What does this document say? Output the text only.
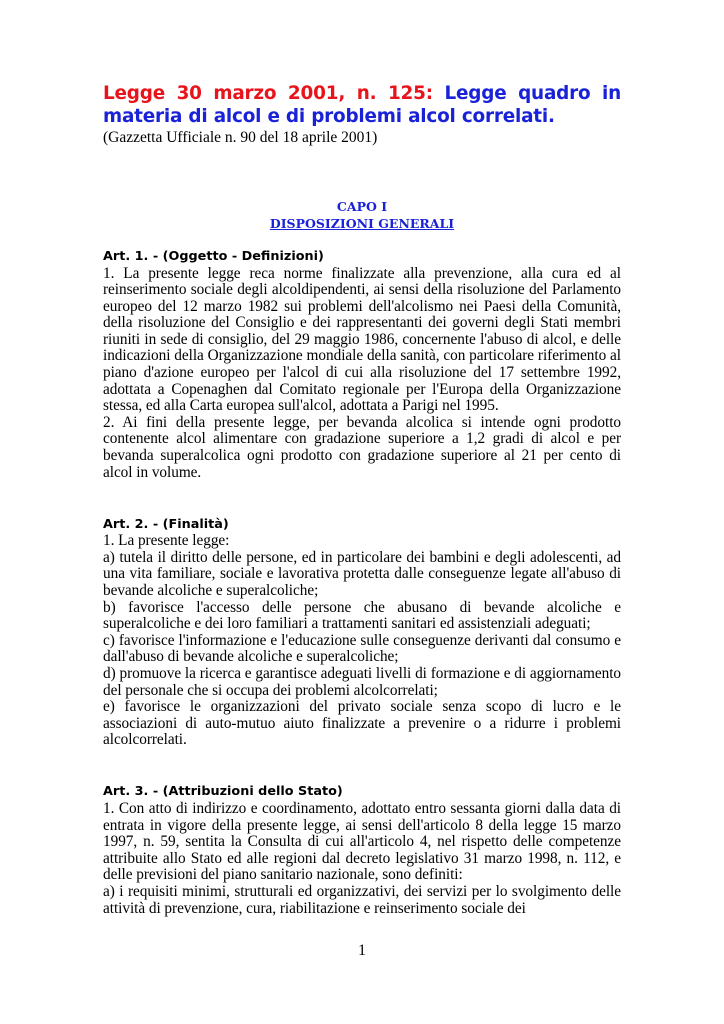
Legge 30 marzo 2001, n. 125: Legge quadro in materia di alcol e di problemi alcol correlati.

(Gazzetta Ufficiale n. 90 del 18 aprile 2001)

CAPO I
DISPOSIZIONI GENERALI

Art. 1. - (Oggetto - Definizioni)

1. La presente legge reca norme finalizzate alla prevenzione, alla cura ed al reinserimento sociale degli alcoldipendenti, ai sensi della risoluzione del Parlamento europeo del 12 marzo 1982 sui problemi dell'alcolismo nei Paesi della Comunità, della risoluzione del Consiglio e dei rappresentanti dei governi degli Stati membri riuniti in sede di consiglio, del 29 maggio 1986, concernente l'abuso di alcol, e delle indicazioni della Organizzazione mondiale della sanità, con particolare riferimento al piano d'azione europeo per l'alcol di cui alla risoluzione del 17 settembre 1992, adottata a Copenaghen dal Comitato regionale per l'Europa della Organizzazione stessa, ed alla Carta europea sull'alcol, adottata a Parigi nel 1995.

2. Ai fini della presente legge, per bevanda alcolica si intende ogni prodotto contenente alcol alimentare con gradazione superiore a 1,2 gradi di alcol e per bevanda superalcolica ogni prodotto con gradazione superiore al 21 per cento di alcol in volume.

Art. 2. - (Finalità)

1. La presente legge:

a) tutela il diritto delle persone, ed in particolare dei bambini e degli adolescenti, ad una vita familiare, sociale e lavorativa protetta dalle conseguenze legate all'abuso di bevande alcoliche e superalcoliche;

b) favorisce l'accesso delle persone che abusano di bevande alcoliche e superalcoliche e dei loro familiari a trattamenti sanitari ed assistenziali adeguati;

c) favorisce l'informazione e l'educazione sulle conseguenze derivanti dal consumo e dall'abuso di bevande alcoliche e superalcoliche;

d) promuove la ricerca e garantisce adeguati livelli di formazione e di aggiornamento del personale che si occupa dei problemi alcolcorrelati;

e) favorisce le organizzazioni del privato sociale senza scopo di lucro e le associazioni di auto-mutuo aiuto finalizzate a prevenire o a ridurre i problemi alcolcorrelati.

Art. 3. - (Attribuzioni dello Stato)

1. Con atto di indirizzo e coordinamento, adottato entro sessanta giorni dalla data di entrata in vigore della presente legge, ai sensi dell'articolo 8 della legge 15 marzo 1997, n. 59, sentita la Consulta di cui all'articolo 4, nel rispetto delle competenze attribuite allo Stato ed alle regioni dal decreto legislativo 31 marzo 1998, n. 112, e delle previsioni del piano sanitario nazionale, sono definiti:

a) i requisiti minimi, strutturali ed organizzativi, dei servizi per lo svolgimento delle attività di prevenzione, cura, riabilitazione e reinserimento sociale dei

1
